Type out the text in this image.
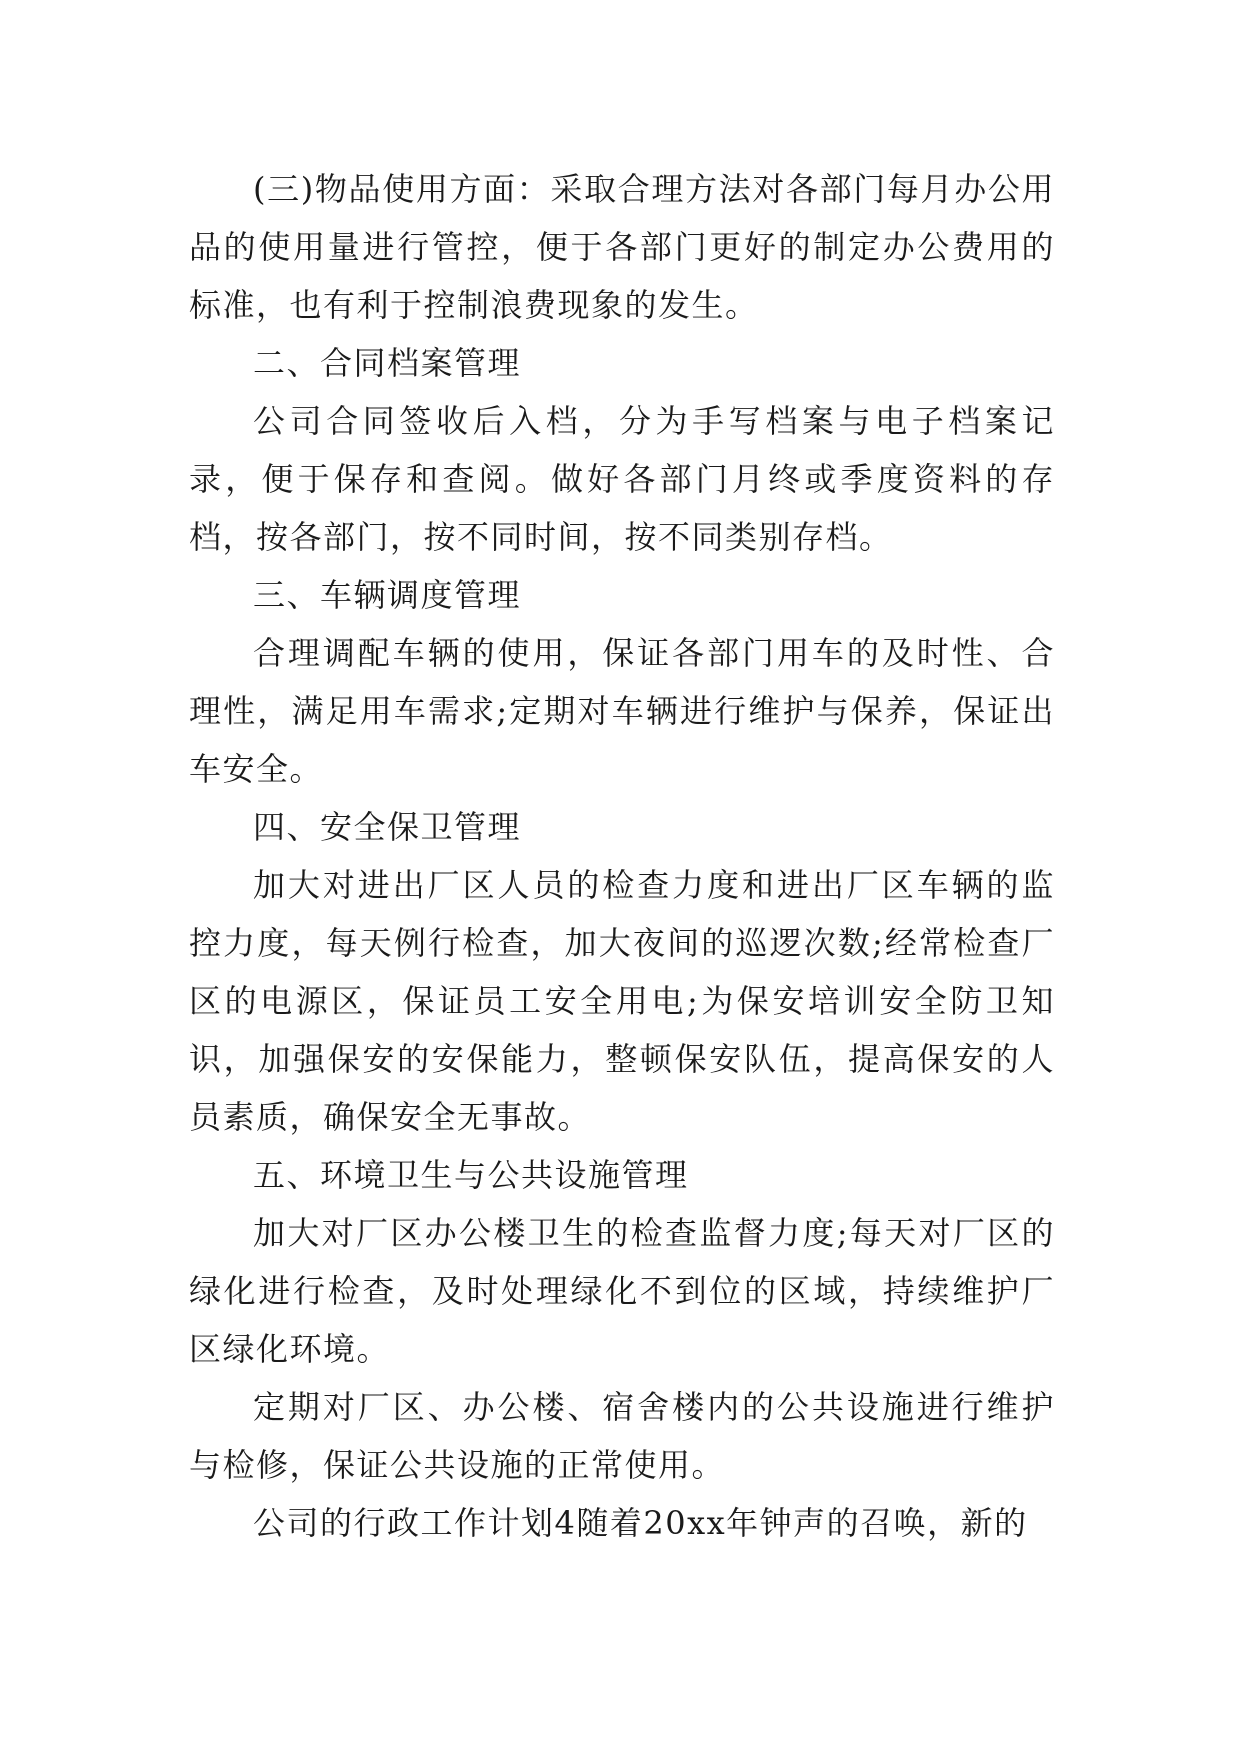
(三)物品使用方面：采取合理方法对各部门每月办公用品的使用量进行管控，便于各部门更好的制定办公费用的标准，也有利于控制浪费现象的发生。

二、合同档案管理

公司合同签收后入档，分为手写档案与电子档案记录，便于保存和查阅。做好各部门月终或季度资料的存档，按各部门，按不同时间，按不同类别存档。

三、车辆调度管理

合理调配车辆的使用，保证各部门用车的及时性、合理性，满足用车需求;定期对车辆进行维护与保养，保证出车安全。

四、安全保卫管理

加大对进出厂区人员的检查力度和进出厂区车辆的监控力度，每天例行检查，加大夜间的巡逻次数;经常检查厂区的电源区，保证员工安全用电;为保安培训安全防卫知识，加强保安的安保能力，整顿保安队伍，提高保安的人员素质，确保安全无事故。

五、环境卫生与公共设施管理

加大对厂区办公楼卫生的检查监督力度;每天对厂区的绿化进行检查，及时处理绿化不到位的区域，持续维护厂区绿化环境。

定期对厂区、办公楼、宿舍楼内的公共设施进行维护与检修，保证公共设施的正常使用。

公司的行政工作计划4随着20xx年钟声的召唤，新的
